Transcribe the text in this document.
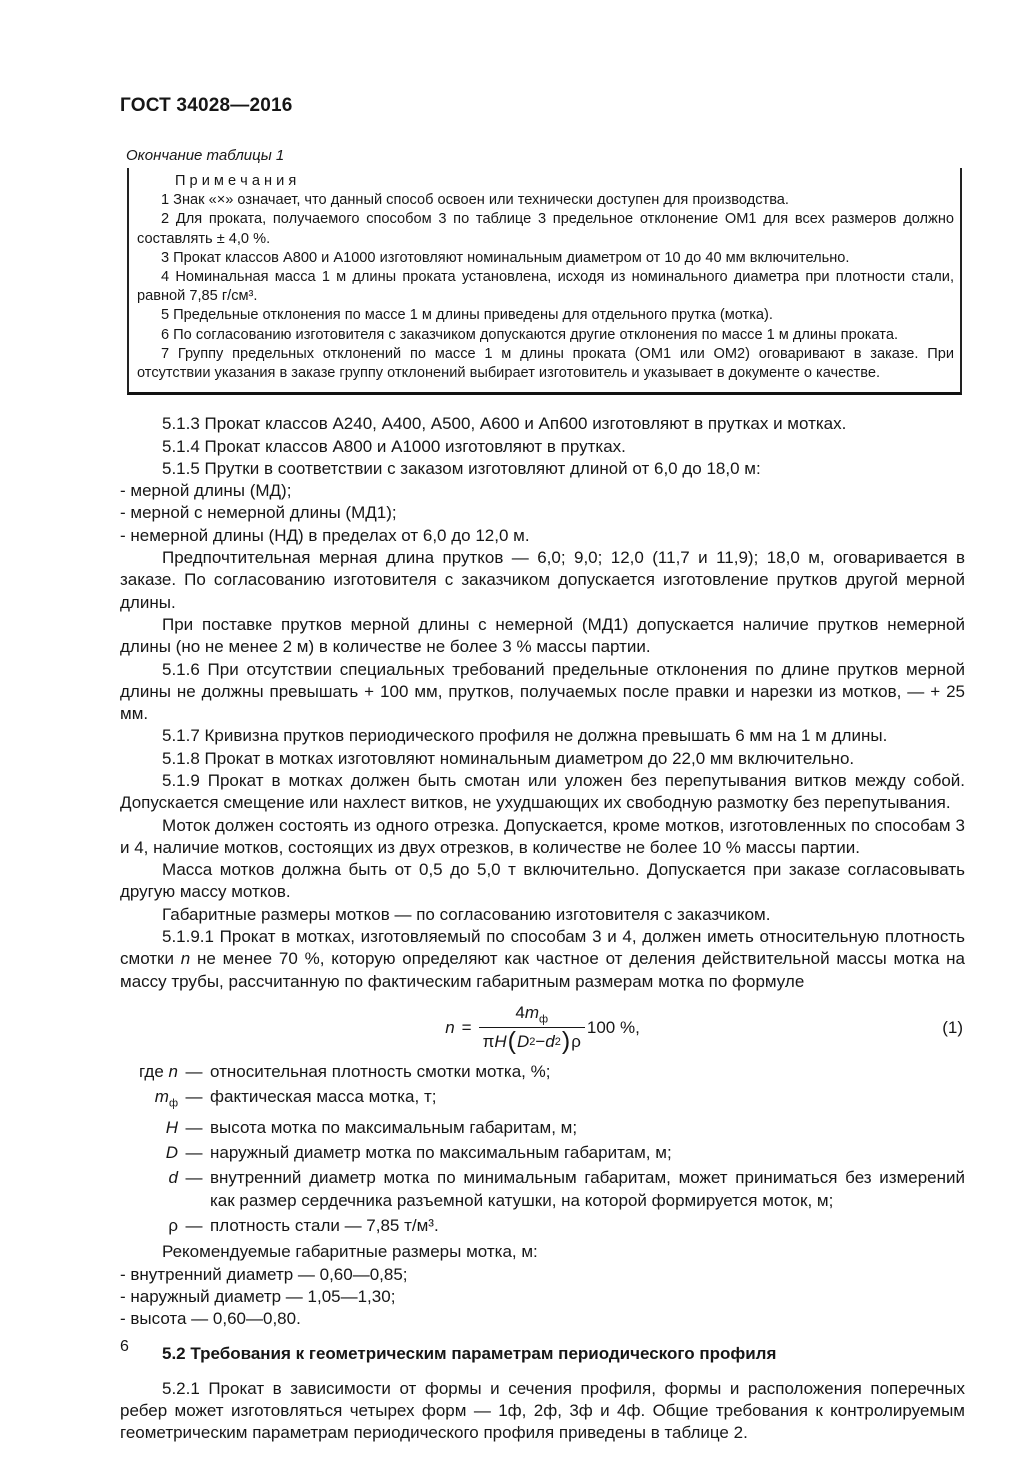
ГОСТ 34028—2016
Окончание таблицы 1

П р и м е ч а н и я

1 Знак «×» означает, что данный способ освоен или технически доступен для производства.

2 Для проката, получаемого способом 3 по таблице 3 предельное отклонение ОМ1 для всех размеров должно составлять ± 4,0 %.

3 Прокат классов А800 и А1000 изготовляют номинальным диаметром от 10 до 40 мм включительно.

4 Номинальная масса 1 м длины проката установлена, исходя из номинального диаметра при плотности стали, равной 7,85 г/см³.

5 Предельные отклонения по массе 1 м длины приведены для отдельного прутка (мотка).

6 По согласованию изготовителя с заказчиком допускаются другие отклонения по массе 1 м длины проката.

7 Группу предельных отклонений по массе 1 м длины проката (ОМ1 или ОМ2) оговаривают в заказе. При отсутствии указания в заказе группу отклонений выбирает изготовитель и указывает в документе о качестве.

5.1.3 Прокат классов А240, А400, А500, А600 и Ап600 изготовляют в прутках и мотках.

5.1.4 Прокат классов А800 и А1000 изготовляют в прутках.

5.1.5 Прутки в соответствии с заказом изготовляют длиной от 6,0 до 18,0 м:

- мерной длины (МД);

- мерной с немерной длины (МД1);

- немерной длины (НД) в пределах от 6,0 до 12,0 м.

Предпочтительная мерная длина прутков — 6,0; 9,0; 12,0 (11,7 и 11,9); 18,0 м, оговаривается в заказе. По согласованию изготовителя с заказчиком допускается изготовление прутков другой мерной длины.

При поставке прутков мерной длины с немерной (МД1) допускается наличие прутков немерной длины (но не менее 2 м) в количестве не более 3 % массы партии.

5.1.6 При отсутствии специальных требований предельные отклонения по длине прутков мерной длины не должны превышать + 100 мм, прутков, получаемых после правки и нарезки из мотков, — + 25 мм.

5.1.7 Кривизна прутков периодического профиля не должна превышать 6 мм на 1 м длины.

5.1.8 Прокат в мотках изготовляют номинальным диаметром до 22,0 мм включительно.

5.1.9 Прокат в мотках должен быть смотан или уложен без перепутывания витков между собой. Допускается смещение или нахлест витков, не ухудшающих их свободную размотку без перепутывания.

Моток должен состоять из одного отрезка. Допускается, кроме мотков, изготовленных по способам 3 и 4, наличие мотков, состоящих из двух отрезков, в количестве не более 10 % массы партии.

Масса мотков должна быть от 0,5 до 5,0 т включительно. Допускается при заказе согласовывать другую массу мотков.

Габаритные размеры мотков — по согласованию изготовителя с заказчиком.

5.1.9.1 Прокат в мотках, изготовляемый по способам 3 и 4, должен иметь относительную плотность смотки n не менее 70 %, которую определяют как частное от деления действительной массы мотка на массу трубы, рассчитанную по фактическим габаритным размерам мотка по формуле

$n = \frac{4m_ф}{\text{π H ( D 2 − d 2 ) ρ}} 100$ %,	(1)
где n — относительная плотность смотки мотка, %;
$m_ф$ — фактическая масса мотка, т;
H — высота мотка по максимальным габаритам, м;
D — наружный диаметр мотка по максимальным габаритам, м;
d — внутренний диаметр мотка по минимальным габаритам, может приниматься без измерений как размер сердечника разъемной катушки, на которой формируется моток, м;
ρ — плотность стали — 7,85 т/м³.

Рекомендуемые габаритные размеры мотка, м:

- внутренний диаметр — 0,60—0,85;

- наружный диаметр — 1,05—1,30;

- высота — 0,60—0,80.

5.2 Требования к геометрическим параметрам периодического профиля

5.2.1 Прокат в зависимости от формы и сечения профиля, формы и расположения поперечных ребер может изготовляться четырех форм — 1ф, 2ф, 3ф и 4ф. Общие требования к контролируемым геометрическим параметрам периодического профиля приведены в таблице 2.

6
